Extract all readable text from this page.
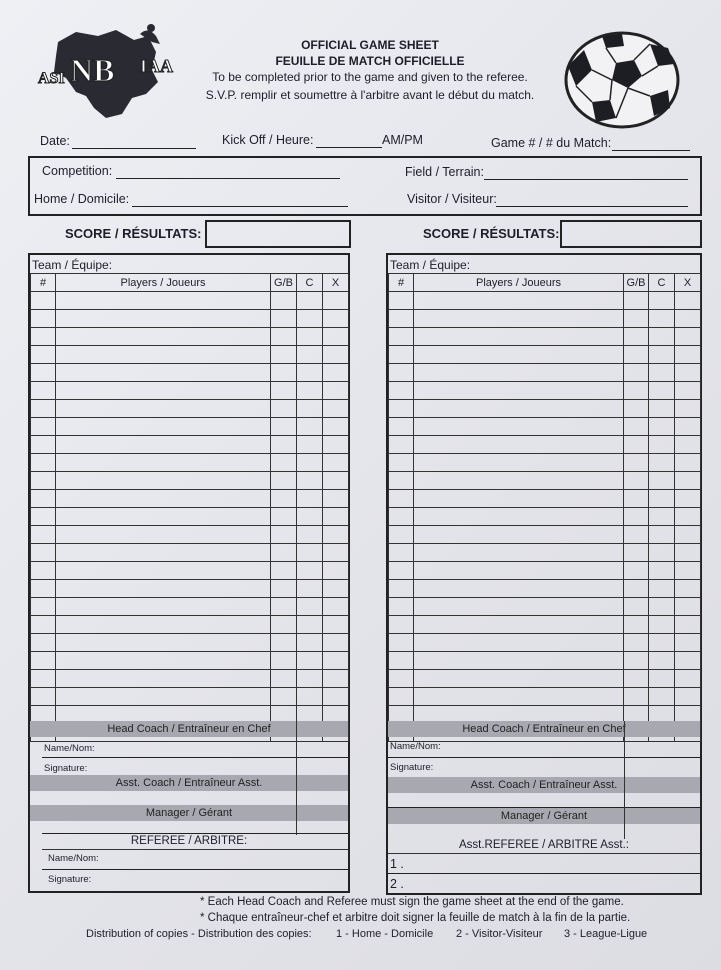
ASI NB IAA
OFFICIAL GAME SHEET
FEUILLE DE MATCH OFFICIELLE
To be completed prior to the game and given to the referee.
S.V.P. remplir et soumettre à l'arbitre avant le début du match.
Date:	Kick Off / Heure:	AM/PM	Game # / # du Match:
Competition:	Field / Terrain:
Home / Domicile:	Visitor / Visiteur:
SCORE / RÉSULTATS:	SCORE / RÉSULTATS:
Team / Équipe:
#	Players / Joueurs	G/B	C	X

Head Coach / Entraîneur en Chef
Name/Nom:
Signature:
Asst. Coach / Entraîneur Asst.
Manager / Gérant
REFEREE / ARBITRE:
Name/Nom:
Signature:
Team / Équipe:
#	Players / Joueurs	G/B	C	X

Head Coach / Entraîneur en Chef
Name/Nom:
Signature:
Asst. Coach / Entraîneur Asst.
Manager / Gérant
Asst.REFEREE / ARBITRE Asst.:
1 .
2 .
* Each Head Coach and Referee must sign the game sheet at the end of the game.
* Chaque entraîneur-chef et arbitre doit signer la feuille de match à la fin de la partie.
Distribution of copies - Distribution des copies: 1 - Home - Domicile 2 - Visitor-Visiteur 3 - League-Ligue
